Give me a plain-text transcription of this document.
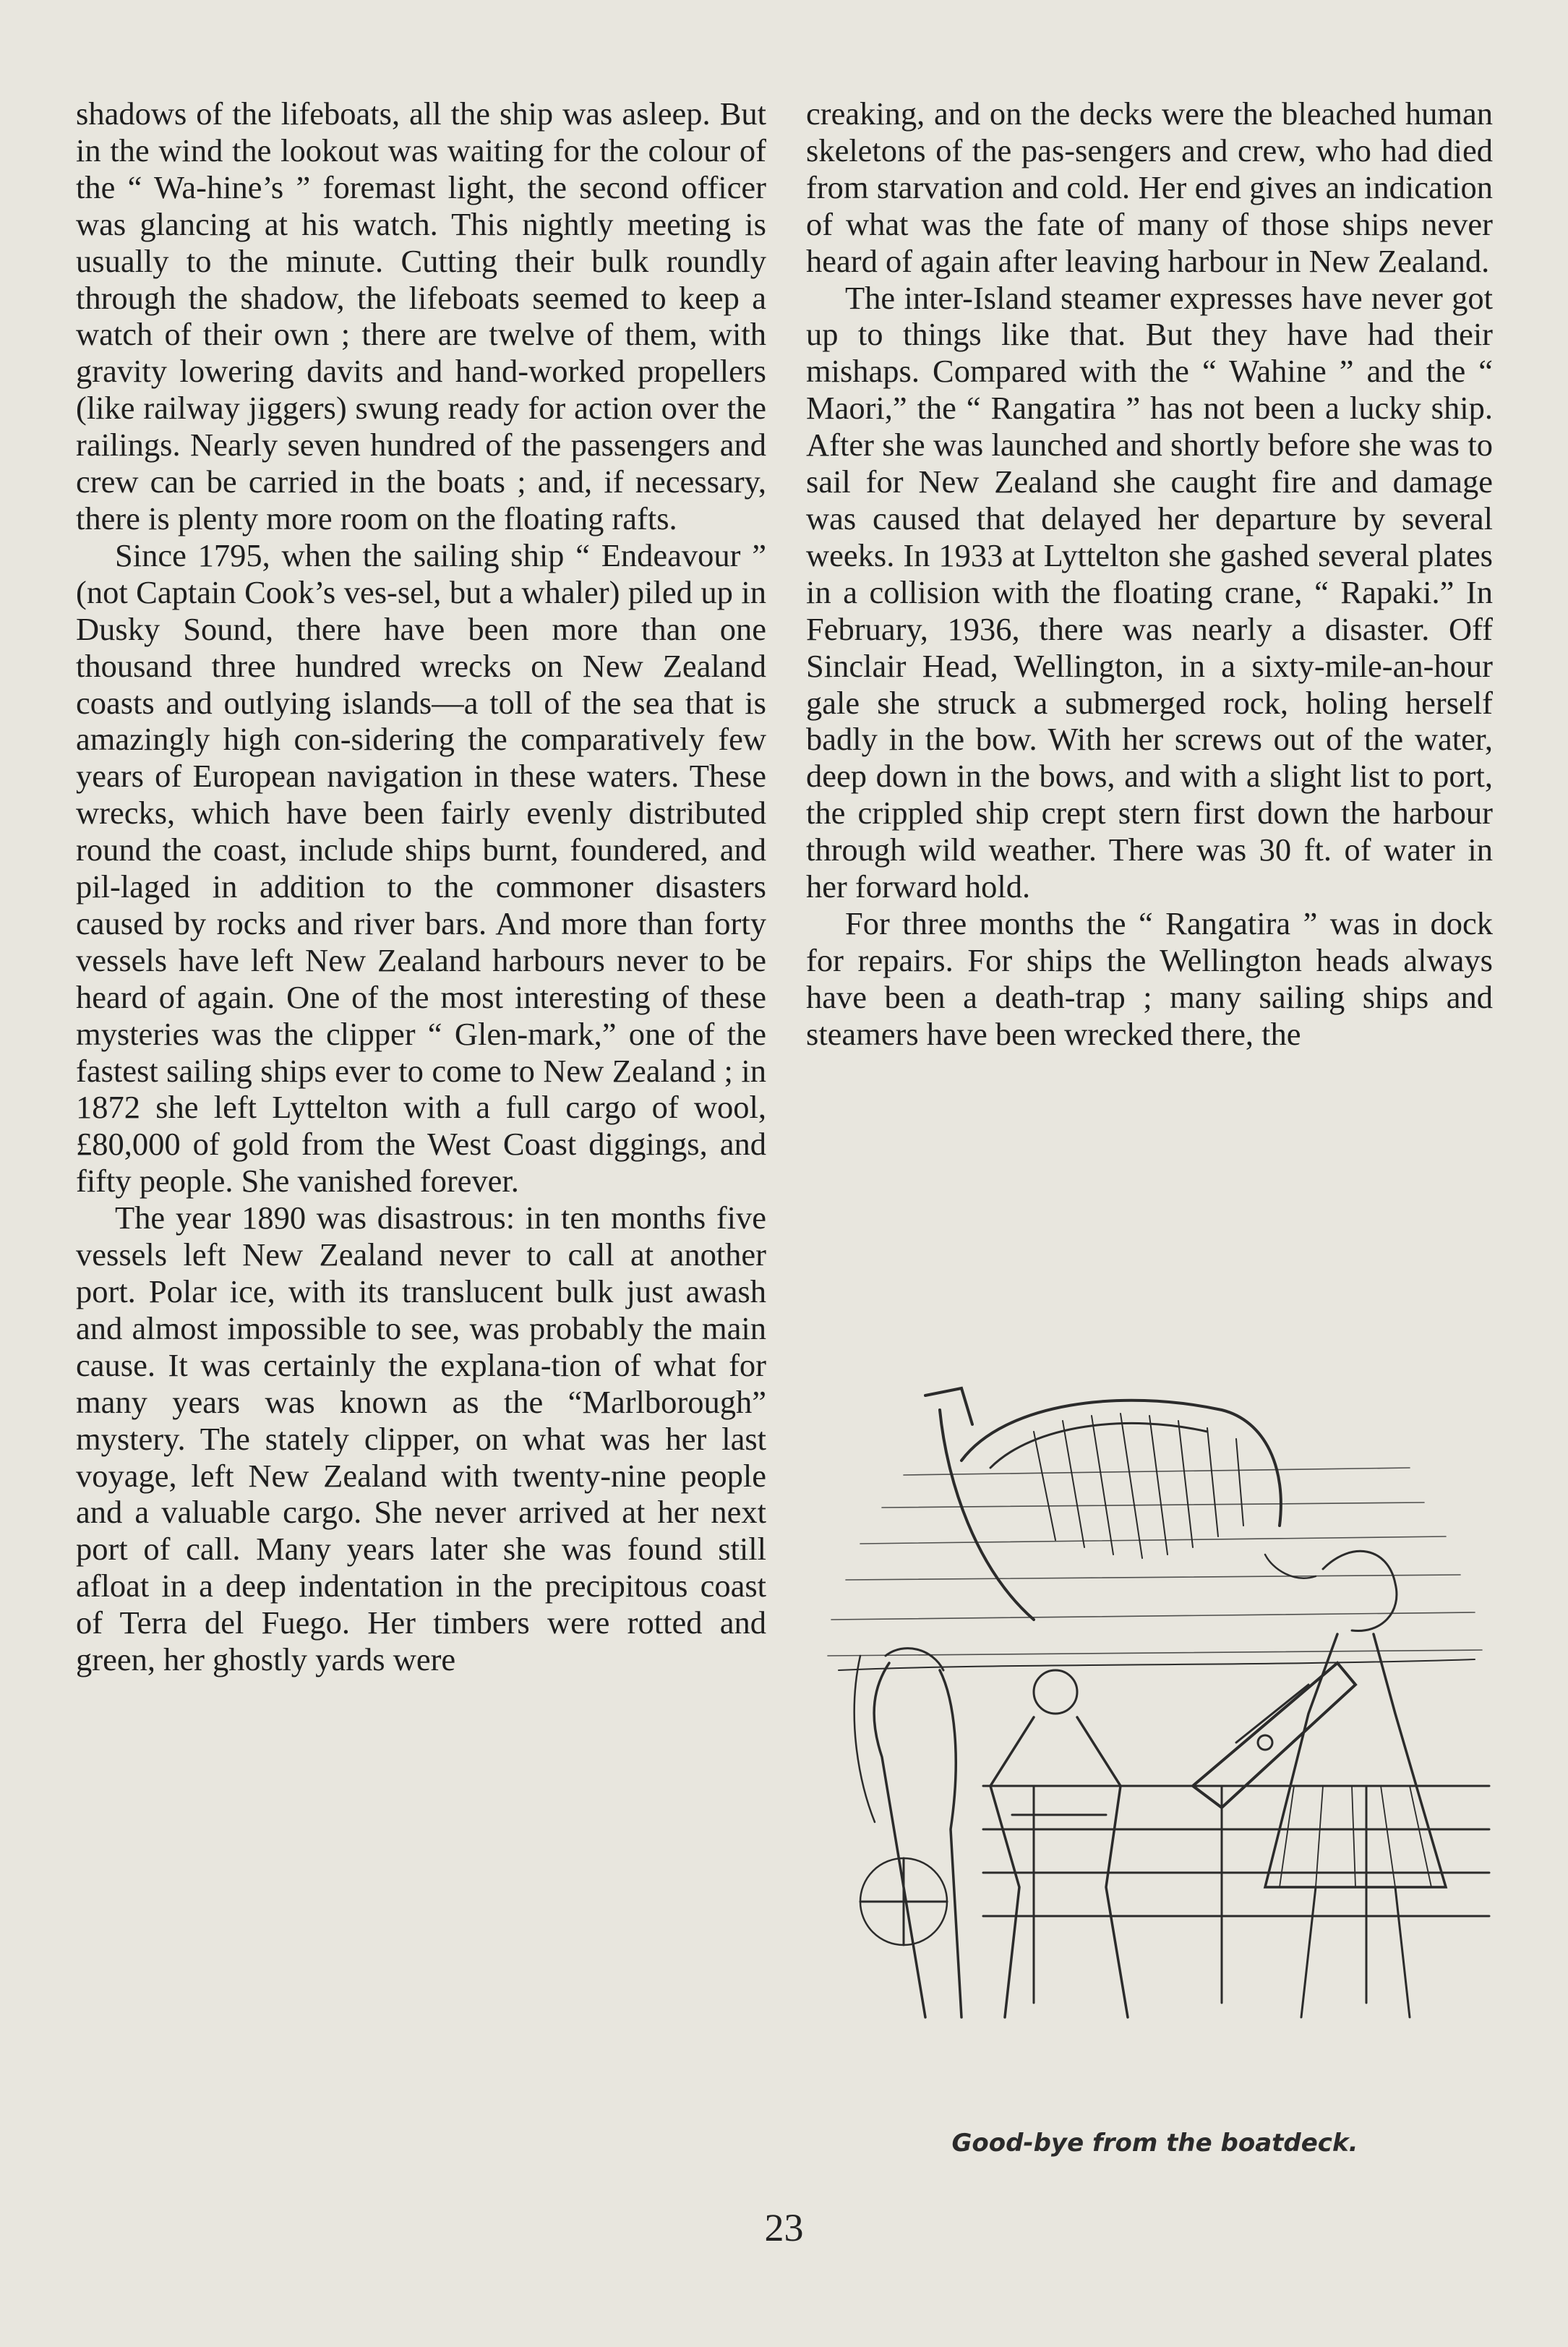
shadows of the lifeboats, all the ship was asleep. But in the wind the lookout was waiting for the colour of the “ Wa-hine’s ” foremast light, the second officer was glancing at his watch. This nightly meeting is usually to the minute. Cutting their bulk roundly through the shadow, the lifeboats seemed to keep a watch of their own ; there are twelve of them, with gravity lowering davits and hand-worked propellers (like railway jiggers) swung ready for action over the railings. Nearly seven hundred of the passengers and crew can be carried in the boats ; and, if necessary, there is plenty more room on the floating rafts.

Since 1795, when the sailing ship “ Endeavour ” (not Captain Cook’s ves-sel, but a whaler) piled up in Dusky Sound, there have been more than one thousand three hundred wrecks on New Zealand coasts and outlying islands—a toll of the sea that is amazingly high con-sidering the comparatively few years of European navigation in these waters. These wrecks, which have been fairly evenly distributed round the coast, include ships burnt, foundered, and pil-laged in addition to the commoner disasters caused by rocks and river bars. And more than forty vessels have left New Zealand harbours never to be heard of again. One of the most interesting of these mysteries was the clipper “ Glen-mark,” one of the fastest sailing ships ever to come to New Zealand ; in 1872 she left Lyttelton with a full cargo of wool, £80,000 of gold from the West Coast diggings, and fifty people. She vanished forever.

The year 1890 was disastrous: in ten months five vessels left New Zealand never to call at another port. Polar ice, with its translucent bulk just awash and almost impossible to see, was probably the main cause. It was certainly the explana-tion of what for many years was known as the “Marlborough” mystery. The stately clipper, on what was her last voyage, left New Zealand with twenty-nine people and a valuable cargo. She never arrived at her next port of call. Many years later she was found still afloat in a deep indentation in the precipitous coast of Terra del Fuego. Her timbers were rotted and green, her ghostly yards were

creaking, and on the decks were the bleached human skeletons of the pas-sengers and crew, who had died from starvation and cold. Her end gives an indication of what was the fate of many of those ships never heard of again after leaving harbour in New Zealand.

The inter-Island steamer expresses have never got up to things like that. But they have had their mishaps. Compared with the “ Wahine ” and the “ Maori,” the “ Rangatira ” has not been a lucky ship. After she was launched and shortly before she was to sail for New Zealand she caught fire and damage was caused that delayed her departure by several weeks. In 1933 at Lyttelton she gashed several plates in a collision with the floating crane, “ Rapaki.” In February, 1936, there was nearly a disaster. Off Sinclair Head, Wellington, in a sixty-mile-an-hour gale she struck a submerged rock, holing herself badly in the bow. With her screws out of the water, deep down in the bows, and with a slight list to port, the crippled ship crept stern first down the harbour through wild weather. There was 30 ft. of water in her forward hold.

For three months the “ Rangatira ” was in dock for repairs. For ships the Wellington heads always have been a death-trap ; many sailing ships and steamers have been wrecked there, the

Good-bye from the boatdeck.
23
